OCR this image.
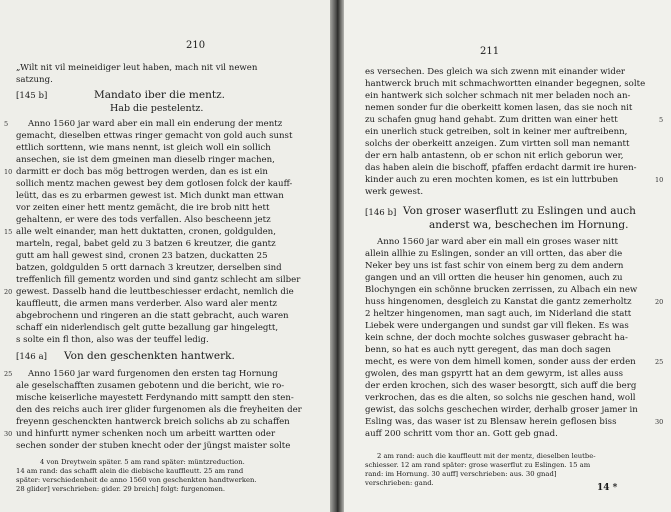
210
„Wilt nit vil meineidiger leut haben, mach nit vil newen
satzung.
[145 b]	Mandato iber die mentz.
Hab die pestelentz.
Anno 1560 jar ward aber ein mall ein enderung der mentz
gemacht, dieselben ettwas ringer gemacht von gold auch sunst
ettlich sorttenn, wie mans nennt, ist gleich woll ein sollich
ansechen, sie ist dem gmeinen man dieselb ringer machen,
darmitt er doch bas mög bettrogen werden, dan es ist ein
sollich mentz machen gewest bey dem gotlosen folck der kauff-
leütt, das es zu erbarmen gewest ist. Mich dunkt man ettwan
vor zeiten einer hett mentz gemächt, die ire brob nitt hett
gehaltenn, er were des tods verfallen. Also bescheenn jetz
alle welt einander, man hett duktatten, cronen, goldgulden,
marteln, regal, babet geld zu 3 batzen 6 kreutzer, die gantz
gutt am hall gewest sind, cronen 23 batzen, duckatten 25
batzen, goldgulden 5 ortt darnach 3 kreutzer, derselben sind
treffenlich fill gementz worden und sind gantz schlecht am silber
gewest. Dasselb hand die leuttbeschiesser erdacht, nemlich die
kauffleutt, die armen mans verderber. Also ward aler mentz
abgebrochenn und ringeren an die statt gebracht, auch waren
schaff ein niderlendisch gelt gutte bezallung gar hingelegtt,
s solte ein fl thon, also was der teuffel ledig.
5
10
15
20
[146 a] Von den geschenkten hantwerk.
Anno 1560 jar ward furgenomen den ersten tag Hornung
ale geselschafften zusamen gebotenn und die bericht, wie ro-
mische keiserliche mayestett Ferdynando mitt samptt den sten-
den des reichs auch irer glider furgenomen als die freyheiten der
freyenn geschenckten hantwerck breich solichs ab zu schaffen
und hinfurtt nymer schenken noch um arbeitt wartten oder
sechen sonder der stuben knecht oder der jüngst maister solte
25
30
4 von Dreytwein später. 5 am rand später: müntzreduction.
14 am rand: das schafft alein die diebische kauffleutt. 25 am rand
später: verschiedenheit de anno 1560 von geschenkten handtwerken.
28 glider] verschrieben: gider. 29 breich] folgt: furgenomen.
211
es versechen. Des gleich wa sich zwenn mit einander wider
hantwerck bruch mit schmachwortten einander begegnen, solte
ein hantwerk sich solcher schmach nit mer beladen noch an-
nemen sonder fur die oberkeitt komen lasen, das sie noch nit
zu schafen gnug hand gehabt. Zum dritten wan einer hett
ein unerlich stuck getreiben, solt in keiner mer auftreibenn,
solchs der oberkeitt anzeigen. Zum virtten soll man nemantt
der ern halb antastenn, ob er schon nit erlich geborun wer,
das haben alein die bischoff, pfaffen erdacht darmit ire huren-
kinder auch zu eren mochten komen, es ist ein luttrbuben
werk gewest.
5
10
[146 b] Von groser waserflutt zu Eslingen und auch
anderst wa, beschechen im Hornung.
Anno 1560 jar ward aber ein mall ein groses waser nitt
allein allhie zu Eslingen, sonder an vill ortten, das aber die
Neker bey uns ist fast schir von einem berg zu dem andern
gangen und an vill ortten die heuser hin genomen, auch zu
Blochyngen ein schönne brucken zerrissen, zu Albach ein new
huss hingenomen, desgleich zu Kanstat die gantz zemerholtz
2 heltzer hingenomen, man sagt auch, im Niderland die statt
Liebek were undergangen und sundst gar vill fleken. Es was
kein schne, der doch mochte solches guswaser gebracht ha-
benn, so hat es auch nytt geregent, das man doch sagen
mecht, es were von dem himell komen, sonder auss der erden
gwolen, des man gspyrtt hat an dem gewyrm, ist alles auss
der erden krochen, sich des waser besorgtt, sich auff die berg
verkrochen, das es die alten, so solchs nie geschen hand, woll
gewist, das solchs geschechen wirder, derhalb groser jamer in
Esling was, das waser ist zu Blensaw herein geflosen biss
auff 200 schritt vom thor an. Gott geb gnad.
20
25
30
2 am rand: auch die kauffleutt mit der mentz, dieselben leutbe-
schiesser. 12 am rand später: grose waserflut zu Eslingen. 15 am
rand: im Hornung. 30 auff] verschrieben: aus. 30 gnad]
verschrieben: gand.	14 *
